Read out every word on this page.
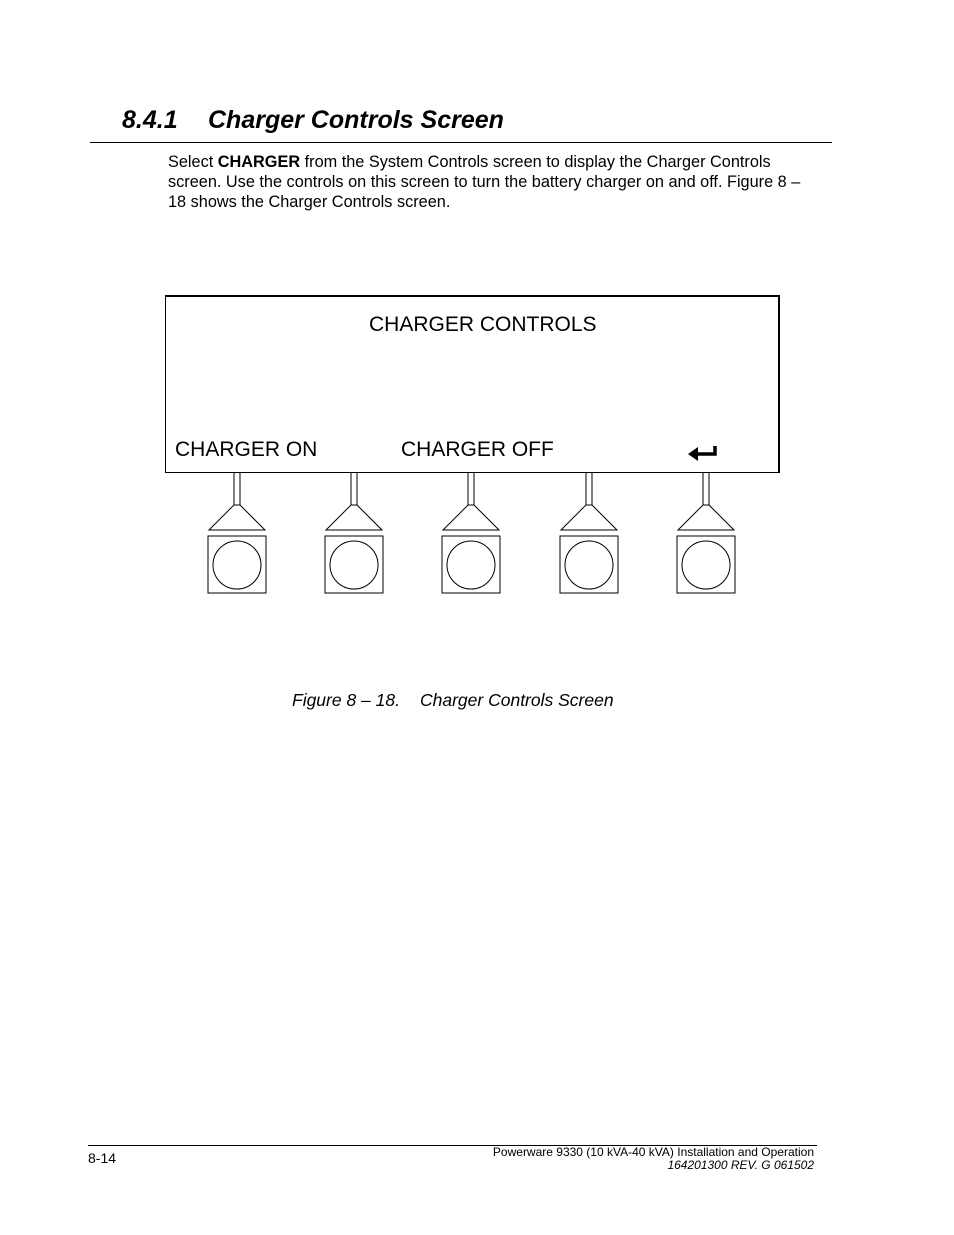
8.4.1 Charger Controls Screen

Select CHARGER from the System Controls screen to display the Charger Controls screen. Use the controls on this screen to turn the battery charger on and off. Figure 8 – 18 shows the Charger Controls screen.

CHARGER CONTROLS
CHARGER ON	CHARGER OFF

Figure 8 – 18. Charger Controls Screen

8-14	Powerware 9330 (10 kVA-40 kVA) Installation and Operation
164201300 REV. G 061502
